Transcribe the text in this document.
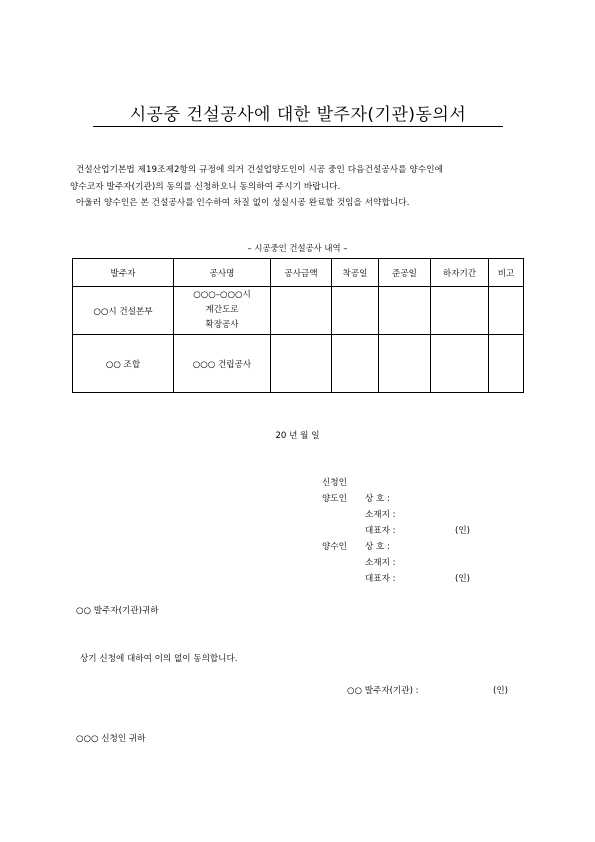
시공중 건설공사에 대한 발주자(기관)동의서
건설산업기본법 제19조제2항의 규정에 의거 건설업양도인이 시공 중인 다음건설공사를 양수인에
양수코자 발주자(기관)의 동의를 신청하오니 동의하여 주시기 바랍니다.
아울러 양수인은 본 건설공사를 인수하여 차질 없이 성실시공 완료할 것임을 서약합니다.
– 시공중인 건설공사 내역 –
발주자	공사명	공사금액	착공일	준공일	하자기간	비고
○○시 건설본부	○○○–○○○시
계간도로
확장공사					

○○ 조합	○○○ 건립공사					
20 년 월 일
신청인
양도인 상 호 :
소재지 :
대표자 :	(인)
양수인 상 호 :
소재지 :
대표자 :	(인)
○○ 발주자(기관)귀하
상기 신청에 대하여 이의 없이 동의합니다.
○○ 발주자(기관) :	(인)
○○○ 신청인 귀하
